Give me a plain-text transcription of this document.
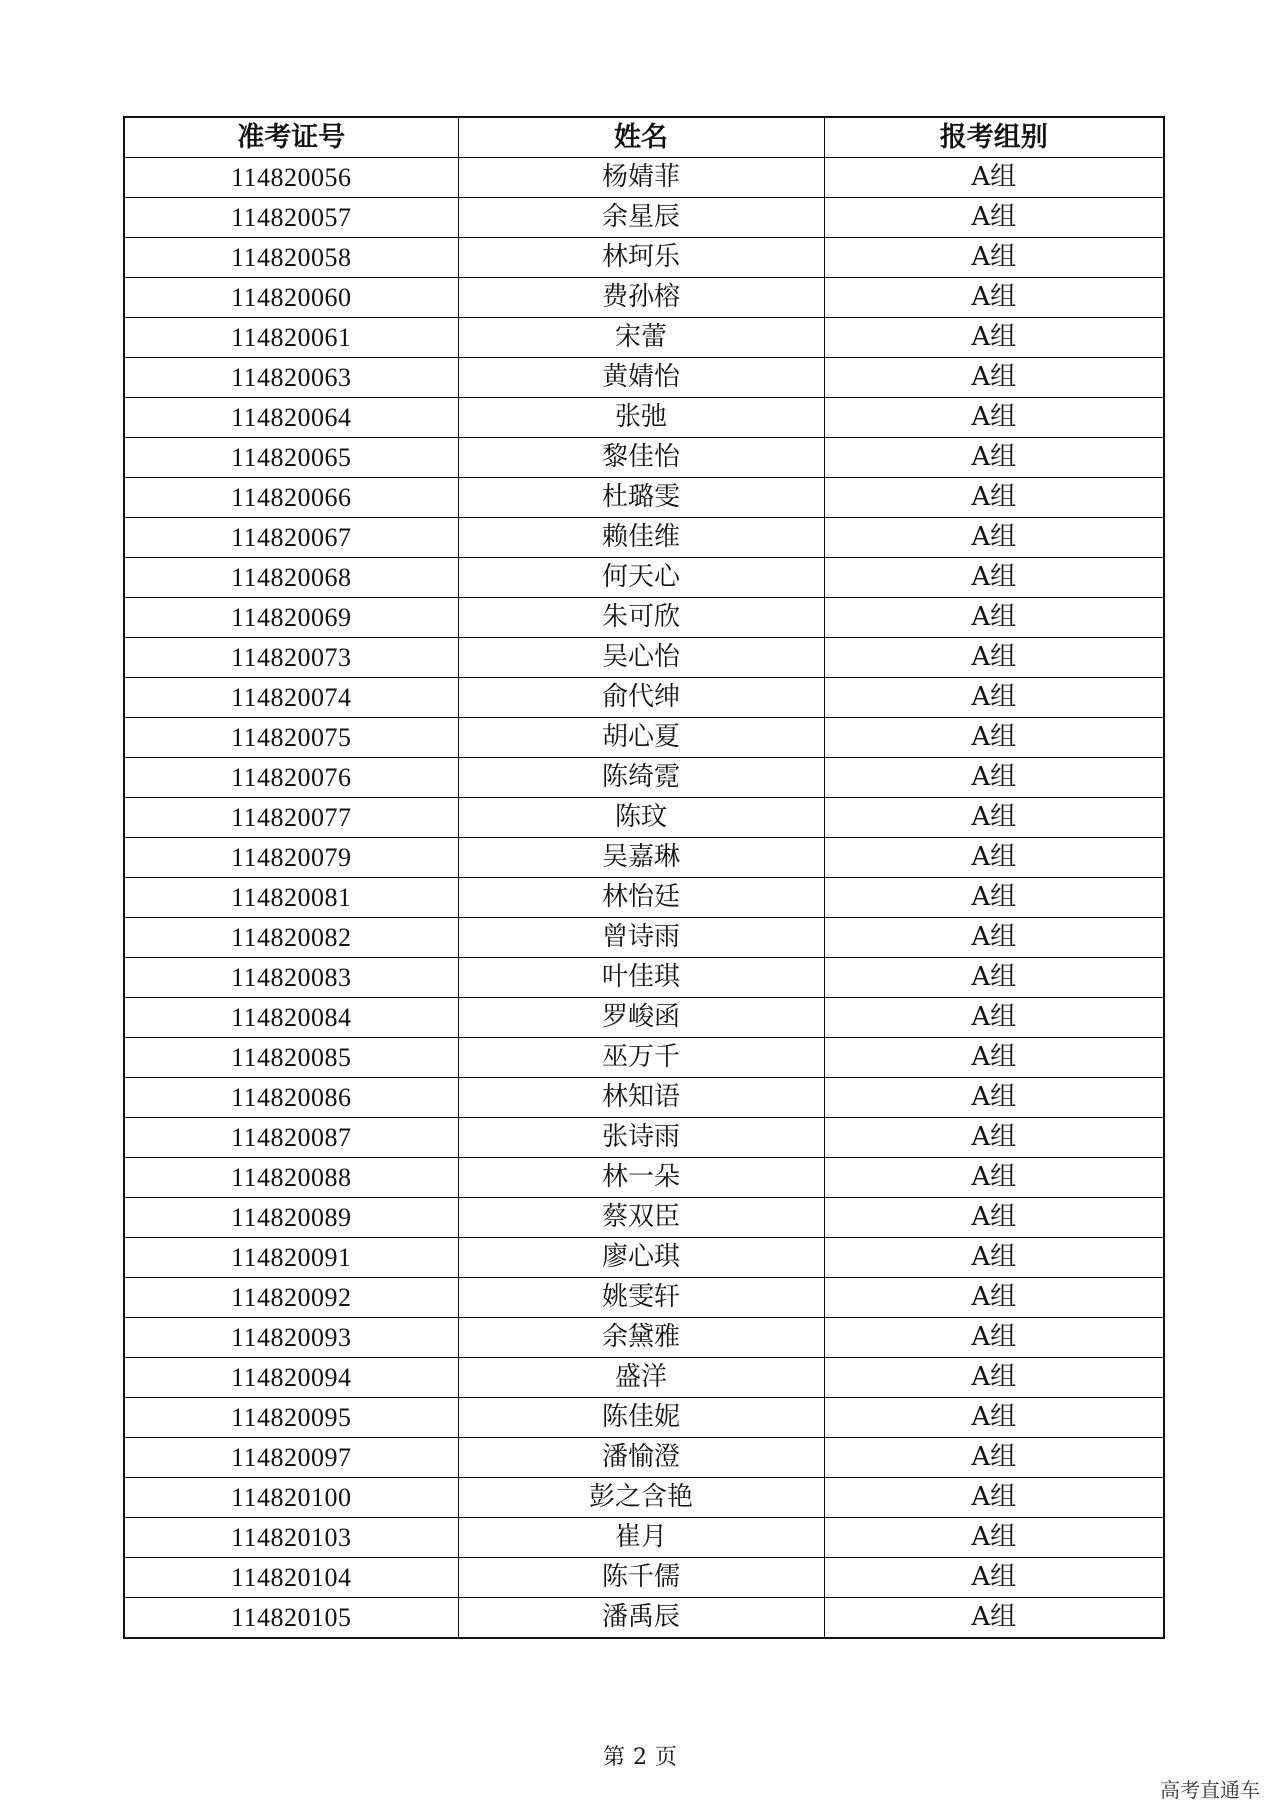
准考证号	姓名	报考组别
114820056	杨婧菲	A组
114820057	余星辰	A组
114820058	林珂乐	A组
114820060	费孙榕	A组
114820061	宋蕾	A组
114820063	黄婧怡	A组
114820064	张弛	A组
114820065	黎佳怡	A组
114820066	杜璐雯	A组
114820067	赖佳维	A组
114820068	何天心	A组
114820069	朱可欣	A组
114820073	吴心怡	A组
114820074	俞代绅	A组
114820075	胡心夏	A组
114820076	陈绮霓	A组
114820077	陈玟	A组
114820079	吴嘉琳	A组
114820081	林怡廷	A组
114820082	曾诗雨	A组
114820083	叶佳琪	A组
114820084	罗峻函	A组
114820085	巫万千	A组
114820086	林知语	A组
114820087	张诗雨	A组
114820088	林一朵	A组
114820089	蔡双臣	A组
114820091	廖心琪	A组
114820092	姚雯轩	A组
114820093	余黛雅	A组
114820094	盛洋	A组
114820095	陈佳妮	A组
114820097	潘愉澄	A组
114820100	彭之含艳	A组
114820103	崔月	A组
114820104	陈千儒	A组
114820105	潘禹辰	A组
第 2 页
高考直通车
